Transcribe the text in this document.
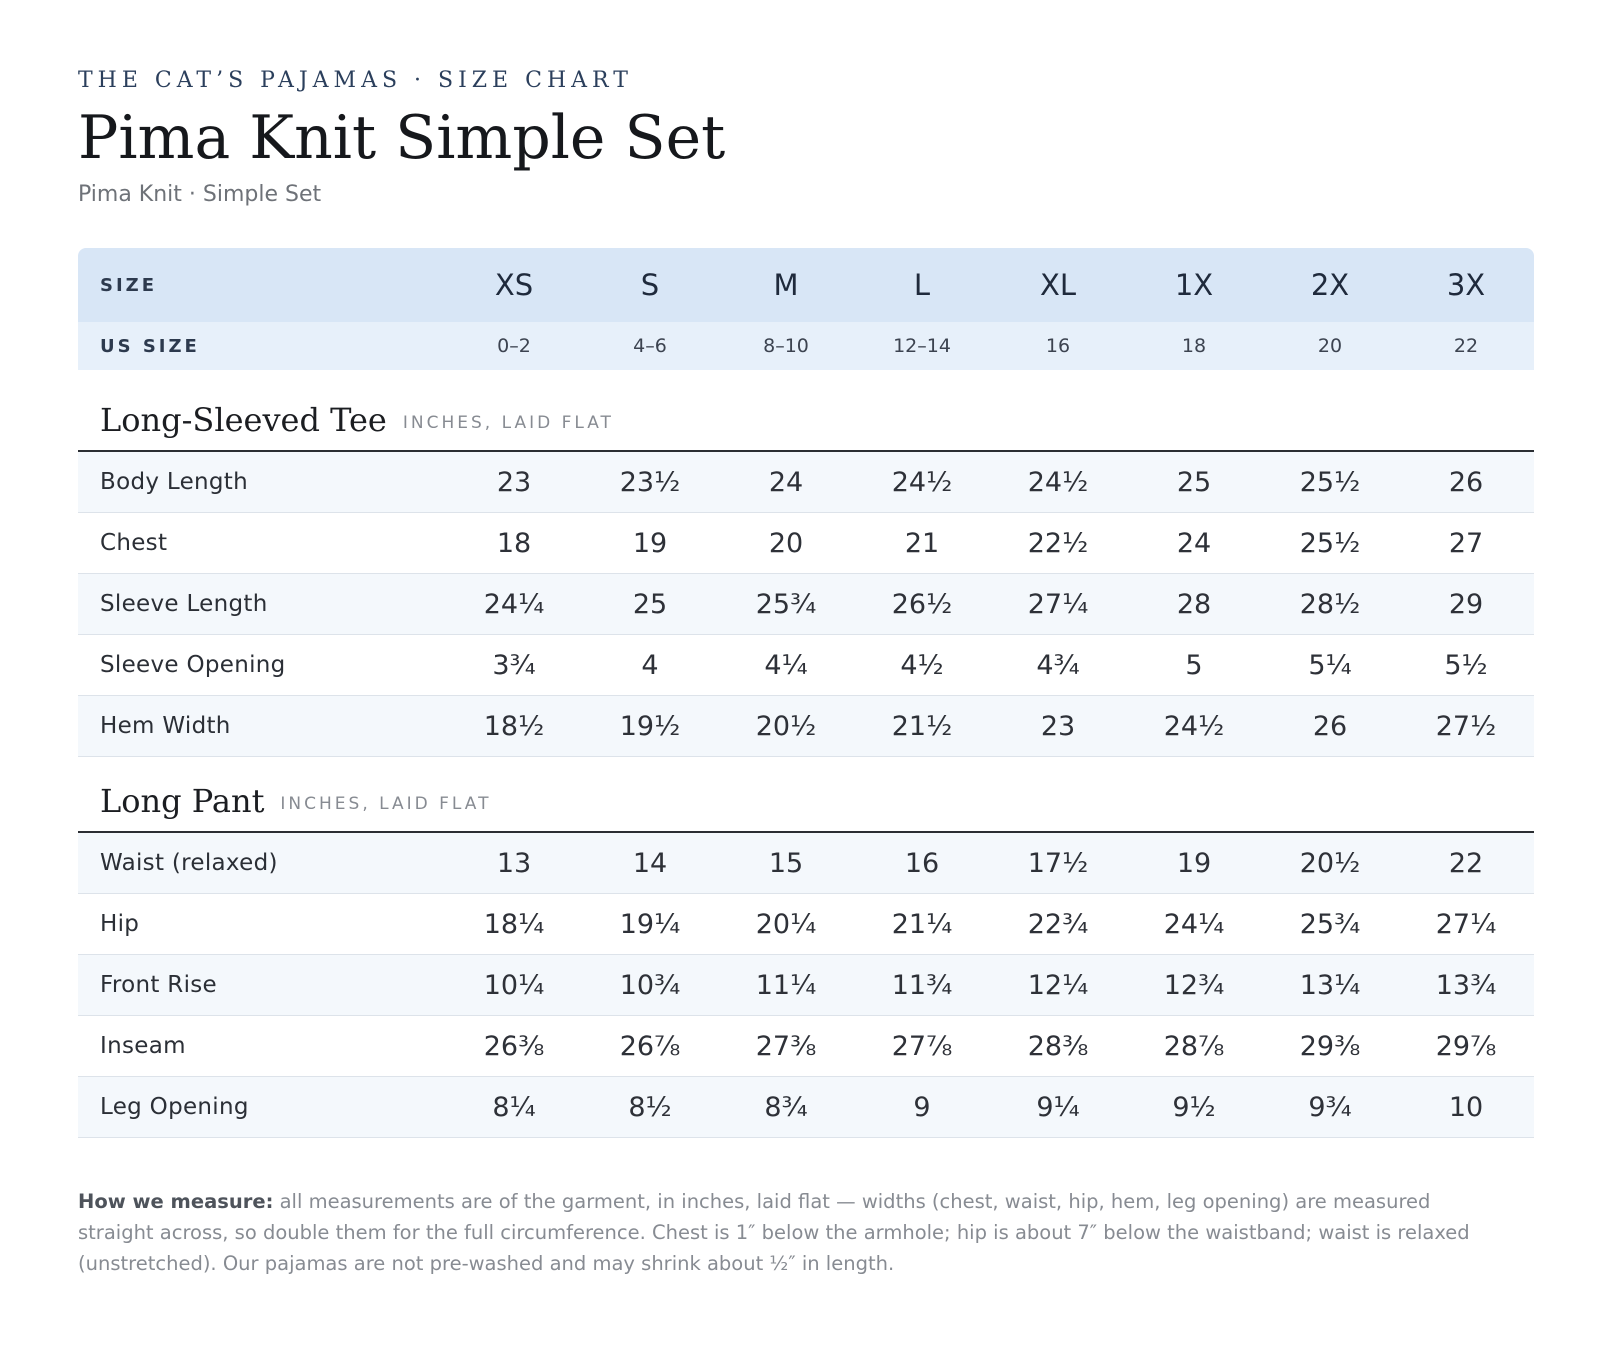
THE CAT’S PAJAMAS · SIZE CHART
Pima Knit Simple Set
Pima Knit · Simple Set
SIZE	XS	S	M	L	XL	1X	2X	3X
US SIZE	0–2	4–6	8–10	12–14	16	18	20	22
Long-Sleeved Tee INCHES, LAID FLAT
Body Length	23	23½	24	24½	24½	25	25½	26
Chest	18	19	20	21	22½	24	25½	27
Sleeve Length	24¼	25	25¾	26½	27¼	28	28½	29
Sleeve Opening	3¾	4	4¼	4½	4¾	5	5¼	5½
Hem Width	18½	19½	20½	21½	23	24½	26	27½
Long Pant INCHES, LAID FLAT
Waist (relaxed)	13	14	15	16	17½	19	20½	22
Hip	18¼	19¼	20¼	21¼	22¾	24¼	25¾	27¼
Front Rise	10¼	10¾	11¼	11¾	12¼	12¾	13¼	13¾
Inseam	26⅜	26⅞	27⅜	27⅞	28⅜	28⅞	29⅜	29⅞
Leg Opening	8¼	8½	8¾	9	9¼	9½	9¾	10
How we measure: all measurements are of the garment, in inches, laid flat — widths (chest, waist, hip, hem, leg opening) are measured straight across, so double them for the full circumference. Chest is 1″ below the armhole; hip is about 7″ below the waistband; waist is relaxed (unstretched). Our pajamas are not pre-washed and may shrink about ½″ in length.
